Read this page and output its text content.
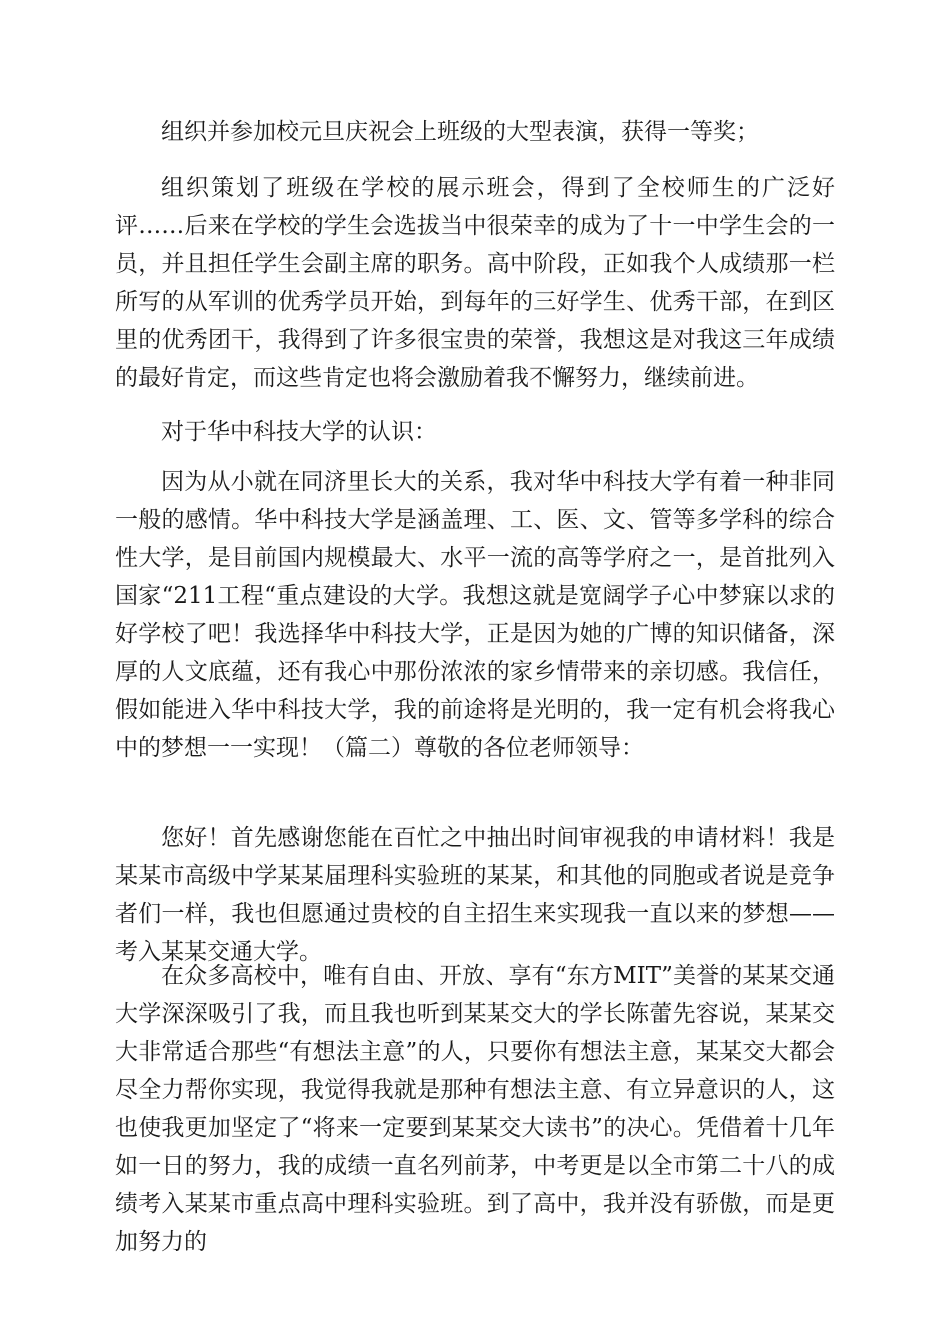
组织并参加校元旦庆祝会上班级的大型表演，获得一等奖；

组织策划了班级在学校的展示班会，得到了全校师生的广泛好评……后来在学校的学生会选拔当中很荣幸的成为了十一中学生会的一员，并且担任学生会副主席的职务。高中阶段，正如我个人成绩那一栏所写的从军训的优秀学员开始，到每年的三好学生、优秀干部，在到区里的优秀团干，我得到了许多很宝贵的荣誉，我想这是对我这三年成绩的最好肯定，而这些肯定也将会激励着我不懈努力，继续前进。

对于华中科技大学的认识：

因为从小就在同济里长大的关系，我对华中科技大学有着一种非同一般的感情。华中科技大学是涵盖理、工、医、文、管等多学科的综合性大学，是目前国内规模最大、水平一流的高等学府之一，是首批列入国家“211工程“重点建设的大学。我想这就是宽阔学子心中梦寐以求的好学校了吧！我选择华中科技大学，正是因为她的广博的知识储备，深厚的人文底蕴，还有我心中那份浓浓的家乡情带来的亲切感。我信任，假如能进入华中科技大学，我的前途将是光明的，我一定有机会将我心中的梦想一一实现！（篇二）尊敬的各位老师领导：

您好！首先感谢您能在百忙之中抽出时间审视我的申请材料！我是某某市高级中学某某届理科实验班的某某，和其他的同胞或者说是竞争者们一样，我也但愿通过贵校的自主招生来实现我一直以来的梦想——考入某某交通大学。

在众多高校中，唯有自由、开放、享有“东方MIT”美誉的某某交通大学深深吸引了我，而且我也听到某某交大的学长陈蕾先容说，某某交大非常适合那些“有想法主意”的人，只要你有想法主意，某某交大都会尽全力帮你实现，我觉得我就是那种有想法主意、有立异意识的人，这也使我更加坚定了“将来一定要到某某交大读书”的决心。凭借着十几年如一日的努力，我的成绩一直名列前茅，中考更是以全市第二十八的成绩考入某某市重点高中理科实验班。到了高中，我并没有骄傲，而是更加努力的
